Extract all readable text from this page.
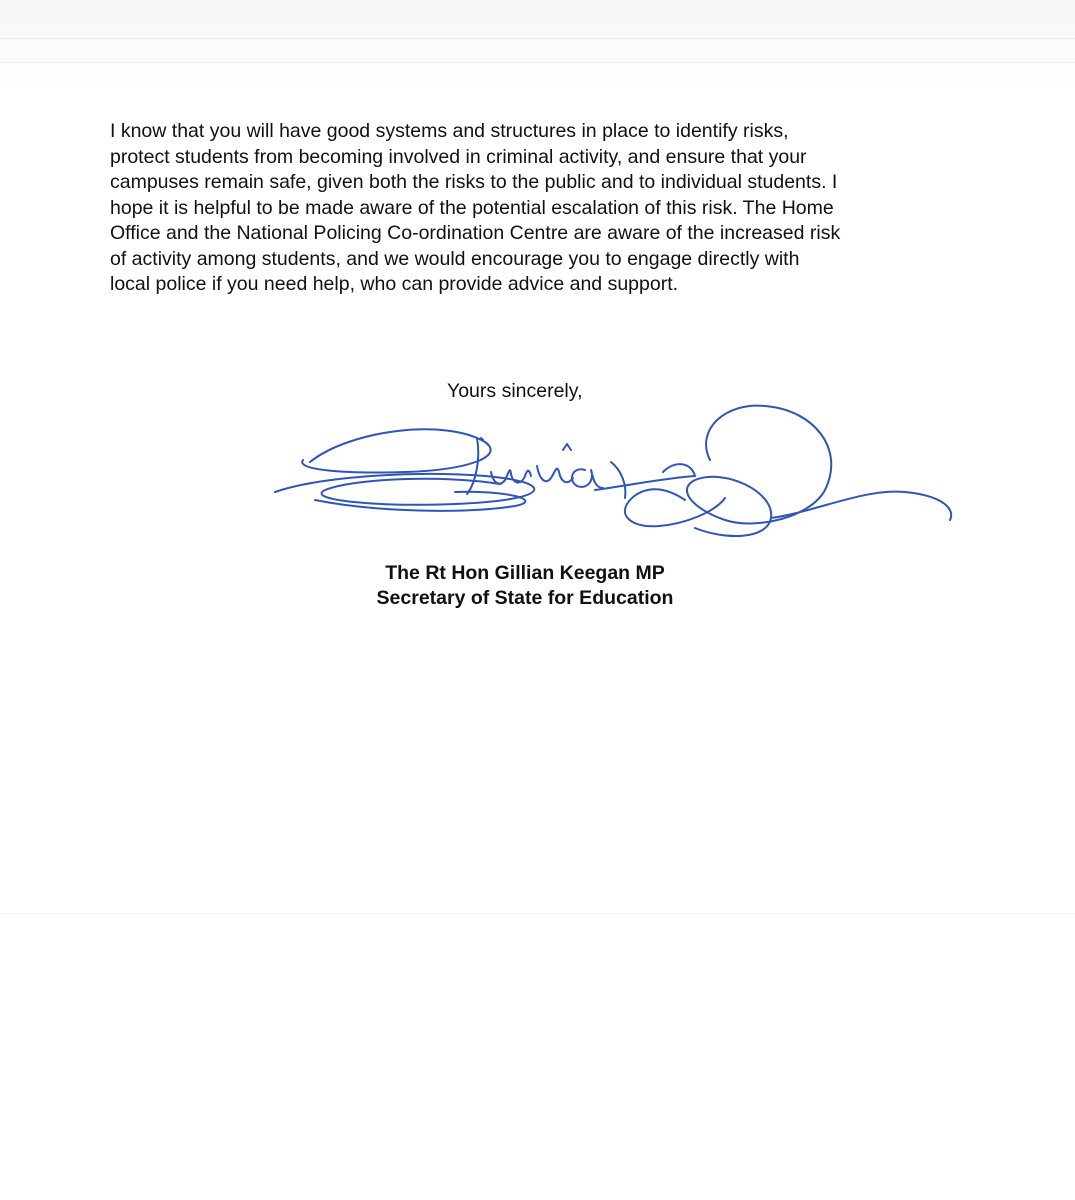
I know that you will have good systems and structures in place to identify risks,
protect students from becoming involved in criminal activity, and ensure that your
campuses remain safe, given both the risks to the public and to individual students. I
hope it is helpful to be made aware of the potential escalation of this risk. The Home
Office and the National Policing Co-ordination Centre are aware of the increased risk
of activity among students, and we would encourage you to engage directly with
local police if you need help, who can provide advice and support.
Yours sincerely,
The Rt Hon Gillian Keegan MP
Secretary of State for Education
